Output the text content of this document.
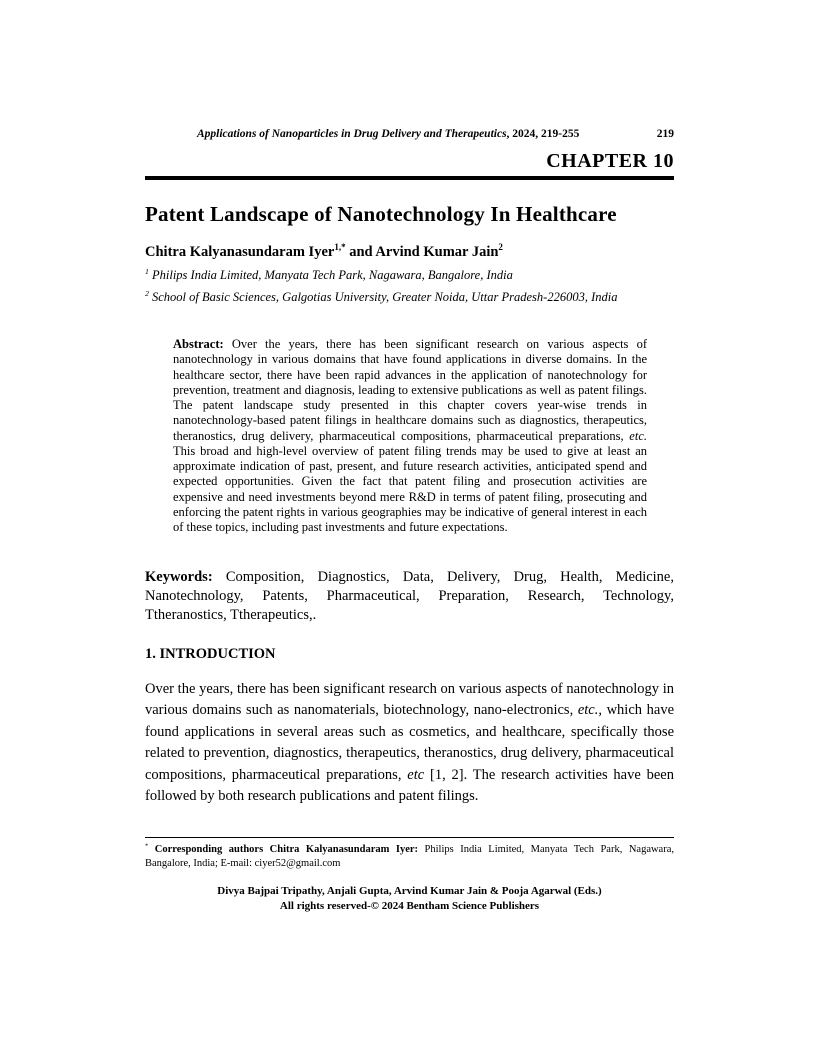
Applications of Nanoparticles in Drug Delivery and Therapeutics, 2024, 219-255	219
CHAPTER 10
Patent Landscape of Nanotechnology In Healthcare
Chitra Kalyanasundaram Iyer$^{1,*}$ and Arvind Kumar Jain$^2$
$^1$ Philips India Limited, Manyata Tech Park, Nagawara, Bangalore, India
$^2$ School of Basic Sciences, Galgotias University, Greater Noida, Uttar Pradesh-226003, India
Abstract: Over the years, there has been significant research on various aspects of nanotechnology in various domains that have found applications in diverse domains. In the healthcare sector, there have been rapid advances in the application of nanotechnology for prevention, treatment and diagnosis, leading to extensive publications as well as patent filings. The patent landscape study presented in this chapter covers year-wise trends in nanotechnology-based patent filings in healthcare domains such as diagnostics, therapeutics, theranostics, drug delivery, pharmaceutical compositions, pharmaceutical preparations, etc. This broad and high-level overview of patent filing trends may be used to give at least an approximate indication of past, present, and future research activities, anticipated spend and expected opportunities. Given the fact that patent filing and prosecution activities are expensive and need investments beyond mere R&D in terms of patent filing, prosecuting and enforcing the patent rights in various geographies may be indicative of general interest in each of these topics, including past investments and future expectations.
Keywords: Composition, Diagnostics, Data, Delivery, Drug, Health, Medicine, Nanotechnology, Patents, Pharmaceutical, Preparation, Research, Technology, Ttheranostics, Ttherapeutics,.
1. INTRODUCTION
Over the years, there has been significant research on various aspects of nanotechnology in various domains such as nanomaterials, biotechnology, nano-electronics, etc., which have found applications in several areas such as cosmetics, and healthcare, specifically those related to prevention, diagnostics, therapeutics, theranostics, drug delivery, pharmaceutical compositions, pharmaceutical preparations, etc [1, 2]. The research activities have been followed by both research publications and patent filings.
* Corresponding authors Chitra Kalyanasundaram Iyer: Philips India Limited, Manyata Tech Park, Nagawara, Bangalore, India; E-mail: ciyer52@gmail.com
Divya Bajpai Tripathy, Anjali Gupta, Arvind Kumar Jain & Pooja Agarwal (Eds.)
All rights reserved-© 2024 Bentham Science Publishers
